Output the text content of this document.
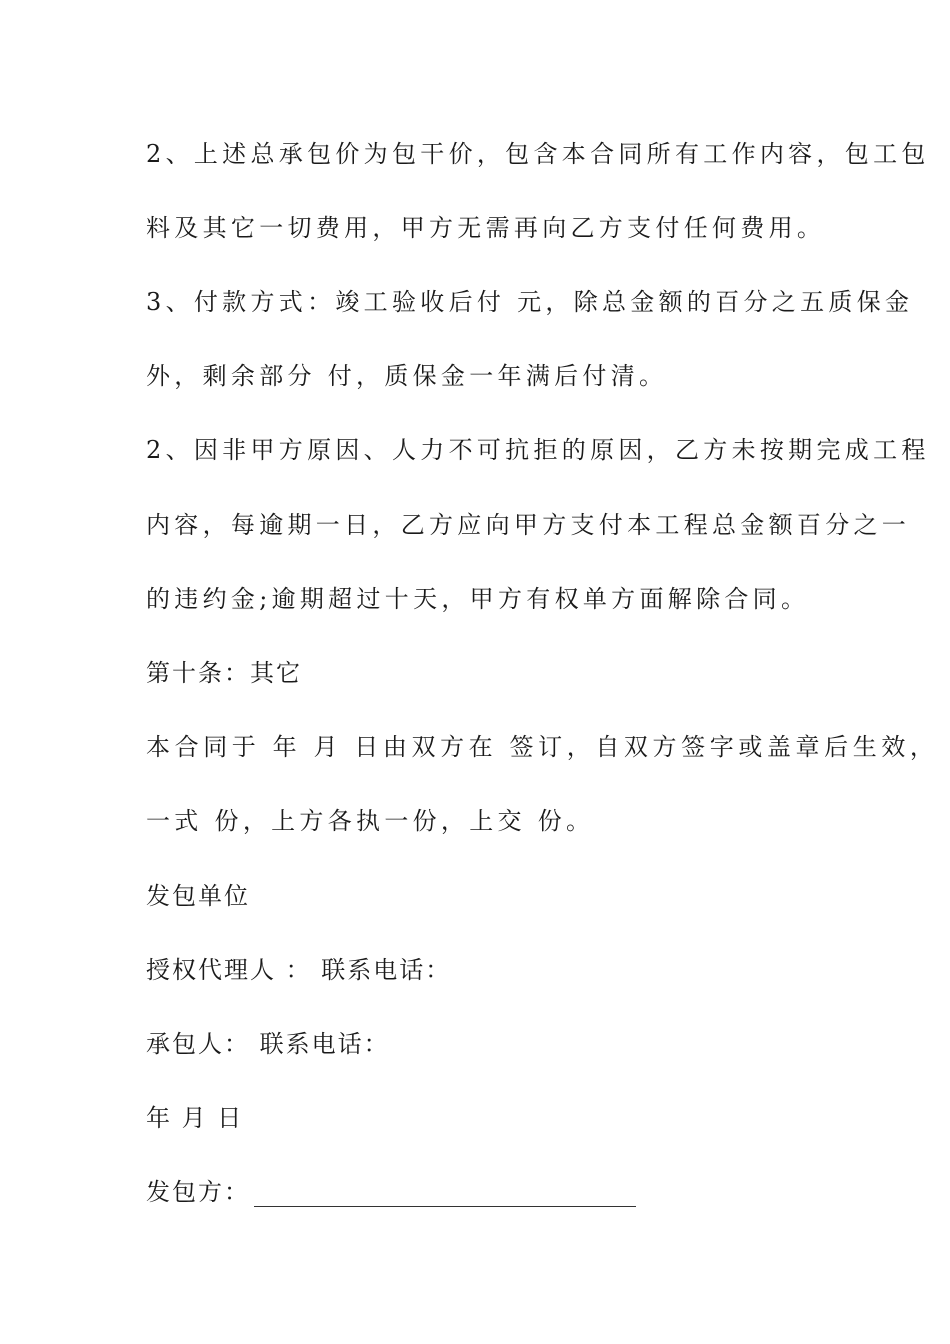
2、上述总承包价为包干价，包含本合同所有工作内容，包工包
料及其它一切费用，甲方无需再向乙方支付任何费用。
3、付款方式：竣工验收后付 元，除总金额的百分之五质保金
外，剩余部分 付，质保金一年满后付清。
2、因非甲方原因、人力不可抗拒的原因，乙方未按期完成工程
内容，每逾期一日，乙方应向甲方支付本工程总金额百分之一
的违约金;逾期超过十天，甲方有权单方面解除合同。
第十条：其它
本合同于 年 月 日由双方在 签订，自双方签字或盖章后生效，
一式 份，上方各执一份，上交 份。
发包单位
授权代理人 ： 联系电话：
承包人： 联系电话：
年 月 日
发包方：
